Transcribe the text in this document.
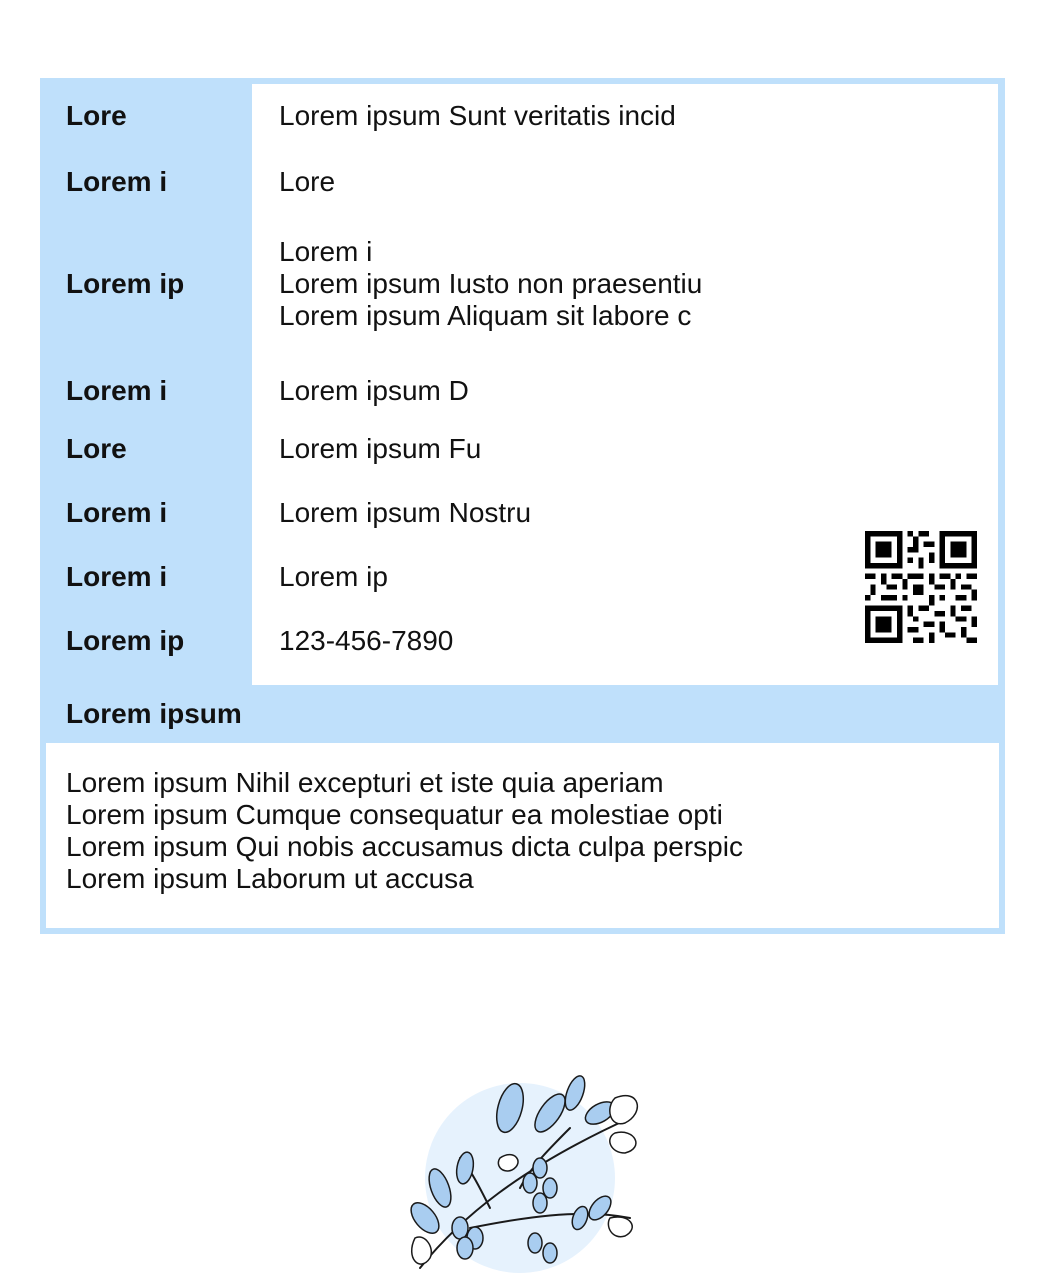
Lore
Lorem i
Lorem ip
Lorem i
Lore
Lorem i
Lorem i
Lorem ip
Lorem ipsum Sunt veritatis incid
Lore
Lorem i
Lorem ipsum Iusto non praesentiu
Lorem ipsum Aliquam sit labore c
Lorem ipsum D
Lorem ipsum Fu
Lorem ipsum Nostru
Lorem ip
123-456-7890
Lorem ipsum
Lorem ipsum Nihil excepturi et iste quia aperiam
Lorem ipsum Cumque consequatur ea molestiae opti
Lorem ipsum Qui nobis accusamus dicta culpa perspic
Lorem ipsum Laborum ut accusa
